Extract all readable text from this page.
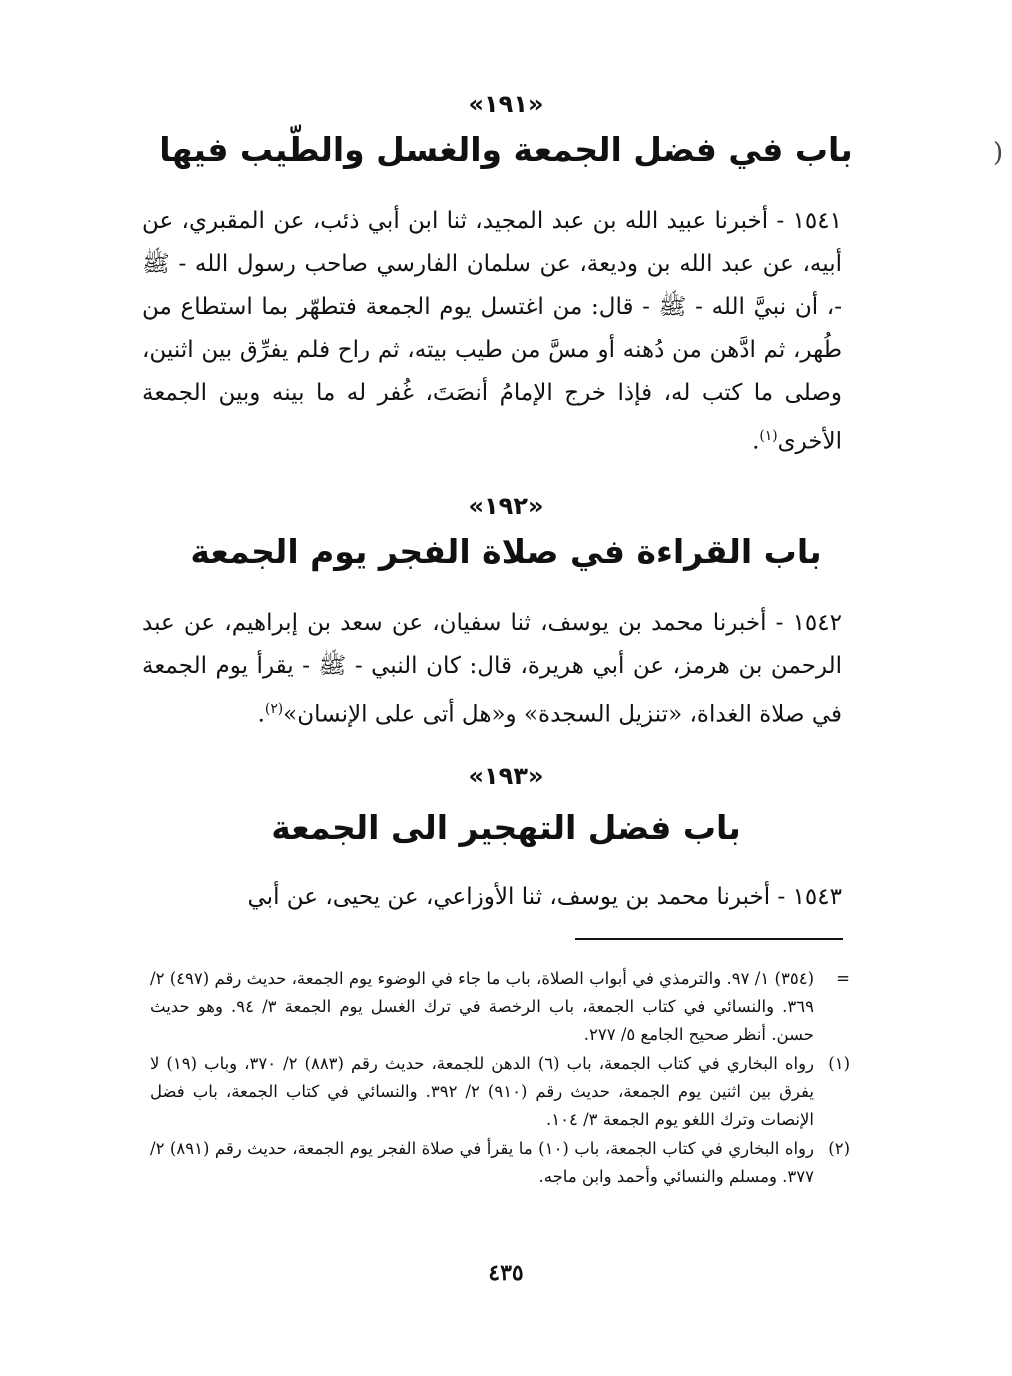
(
«١٩١»
باب في فضل الجمعة والغسل والطّيب فيها
١٥٤١ - أخبرنا عبيد الله بن عبد المجيد، ثنا ابن أبي ذئب، عن المقبري، عن أبيه، عن عبد الله بن وديعة، عن سلمان الفارسي صاحب رسول الله - ﷺ -، أن نبيَّ الله - ﷺ - قال: من اغتسل يوم الجمعة فتطهّر بما استطاع من طُهر، ثم ادَّهن من دُهنه أو مسَّ من طيب بيته، ثم راح فلم يفرِّق بين اثنين، وصلى ما كتب له، فإذا خرج الإمامُ أنصَتَ، غُفر له ما بينه وبين الجمعة الأخرى$^{(١)}$.
«١٩٢»
باب القراءة في صلاة الفجر يوم الجمعة
١٥٤٢ - أخبرنا محمد بن يوسف، ثنا سفيان، عن سعد بن إبراهيم، عن عبد الرحمن بن هرمز، عن أبي هريرة، قال: كان النبي - ﷺ - يقرأ يوم الجمعة في صلاة الغداة، «تنزيل السجدة» و«هل أتى على الإنسان»$^{(٢)}$.
«١٩٣»
باب فضل التهجير الى الجمعة
١٥٤٣ - أخبرنا محمد بن يوسف، ثنا الأوزاعي، عن يحيى، عن أبي
=
(٣٥٤) ١/ ٩٧. والترمذي في أبواب الصلاة، باب ما جاء في الوضوء يوم الجمعة، حديث رقم (٤٩٧) ٢/ ٣٦٩. والنسائي في كتاب الجمعة، باب الرخصة في ترك الغسل يوم الجمعة ٣/ ٩٤. وهو حديث حسن. أنظر صحيح الجامع ٥/ ٢٧٧.
(١)
رواه البخاري في كتاب الجمعة، باب (٦) الدهن للجمعة، حديث رقم (٨٨٣) ٢/ ٣٧٠، وباب (١٩) لا يفرق بين اثنين يوم الجمعة، حديث رقم (٩١٠) ٢/ ٣٩٢. والنسائي في كتاب الجمعة، باب فضل الإنصات وترك اللغو يوم الجمعة ٣/ ١٠٤.
(٢)
رواه البخاري في كتاب الجمعة، باب (١٠) ما يقرأ في صلاة الفجر يوم الجمعة، حديث رقم (٨٩١) ٢/ ٣٧٧. ومسلم والنسائي وأحمد وابن ماجه.
٤٣٥
